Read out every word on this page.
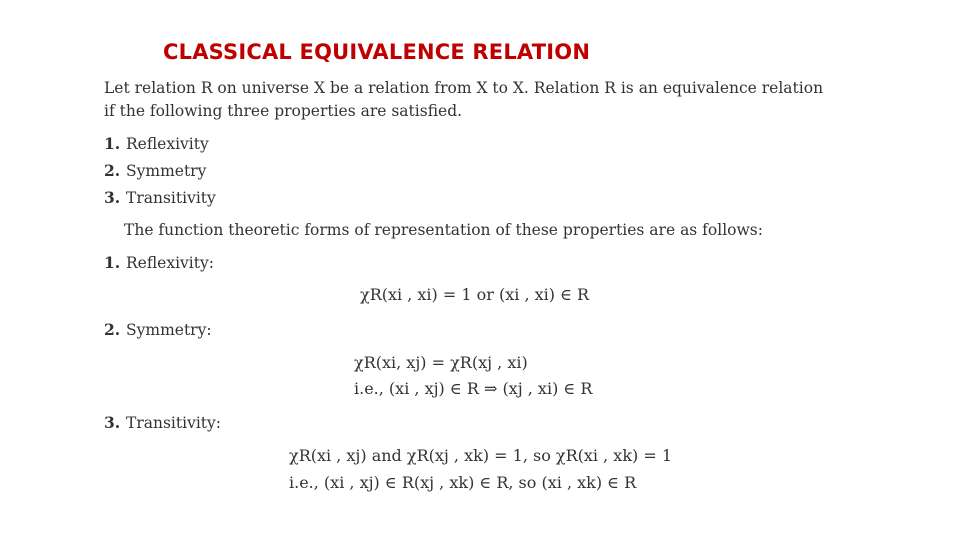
CLASSICAL EQUIVALENCE RELATION
Let relation R on universe X be a relation from X to X. Relation R is an equivalence relation
if the following three properties are satisfied.
1. Reflexivity
2. Symmetry
3. Transitivity
The function theoretic forms of representation of these properties are as follows:
1. Reflexivity:
χR(xi , xi) = 1 or (xi , xi) ∈ R
2. Symmetry:
χR(xi, xj) = χR(xj , xi)
i.e., (xi , xj) ∈ R ⇒ (xj , xi) ∈ R
3. Transitivity:
χR(xi , xj) and χR(xj , xk) = 1, so χR(xi , xk) = 1
i.e., (xi , xj) ∈ R(xj , xk) ∈ R, so (xi , xk) ∈ R
